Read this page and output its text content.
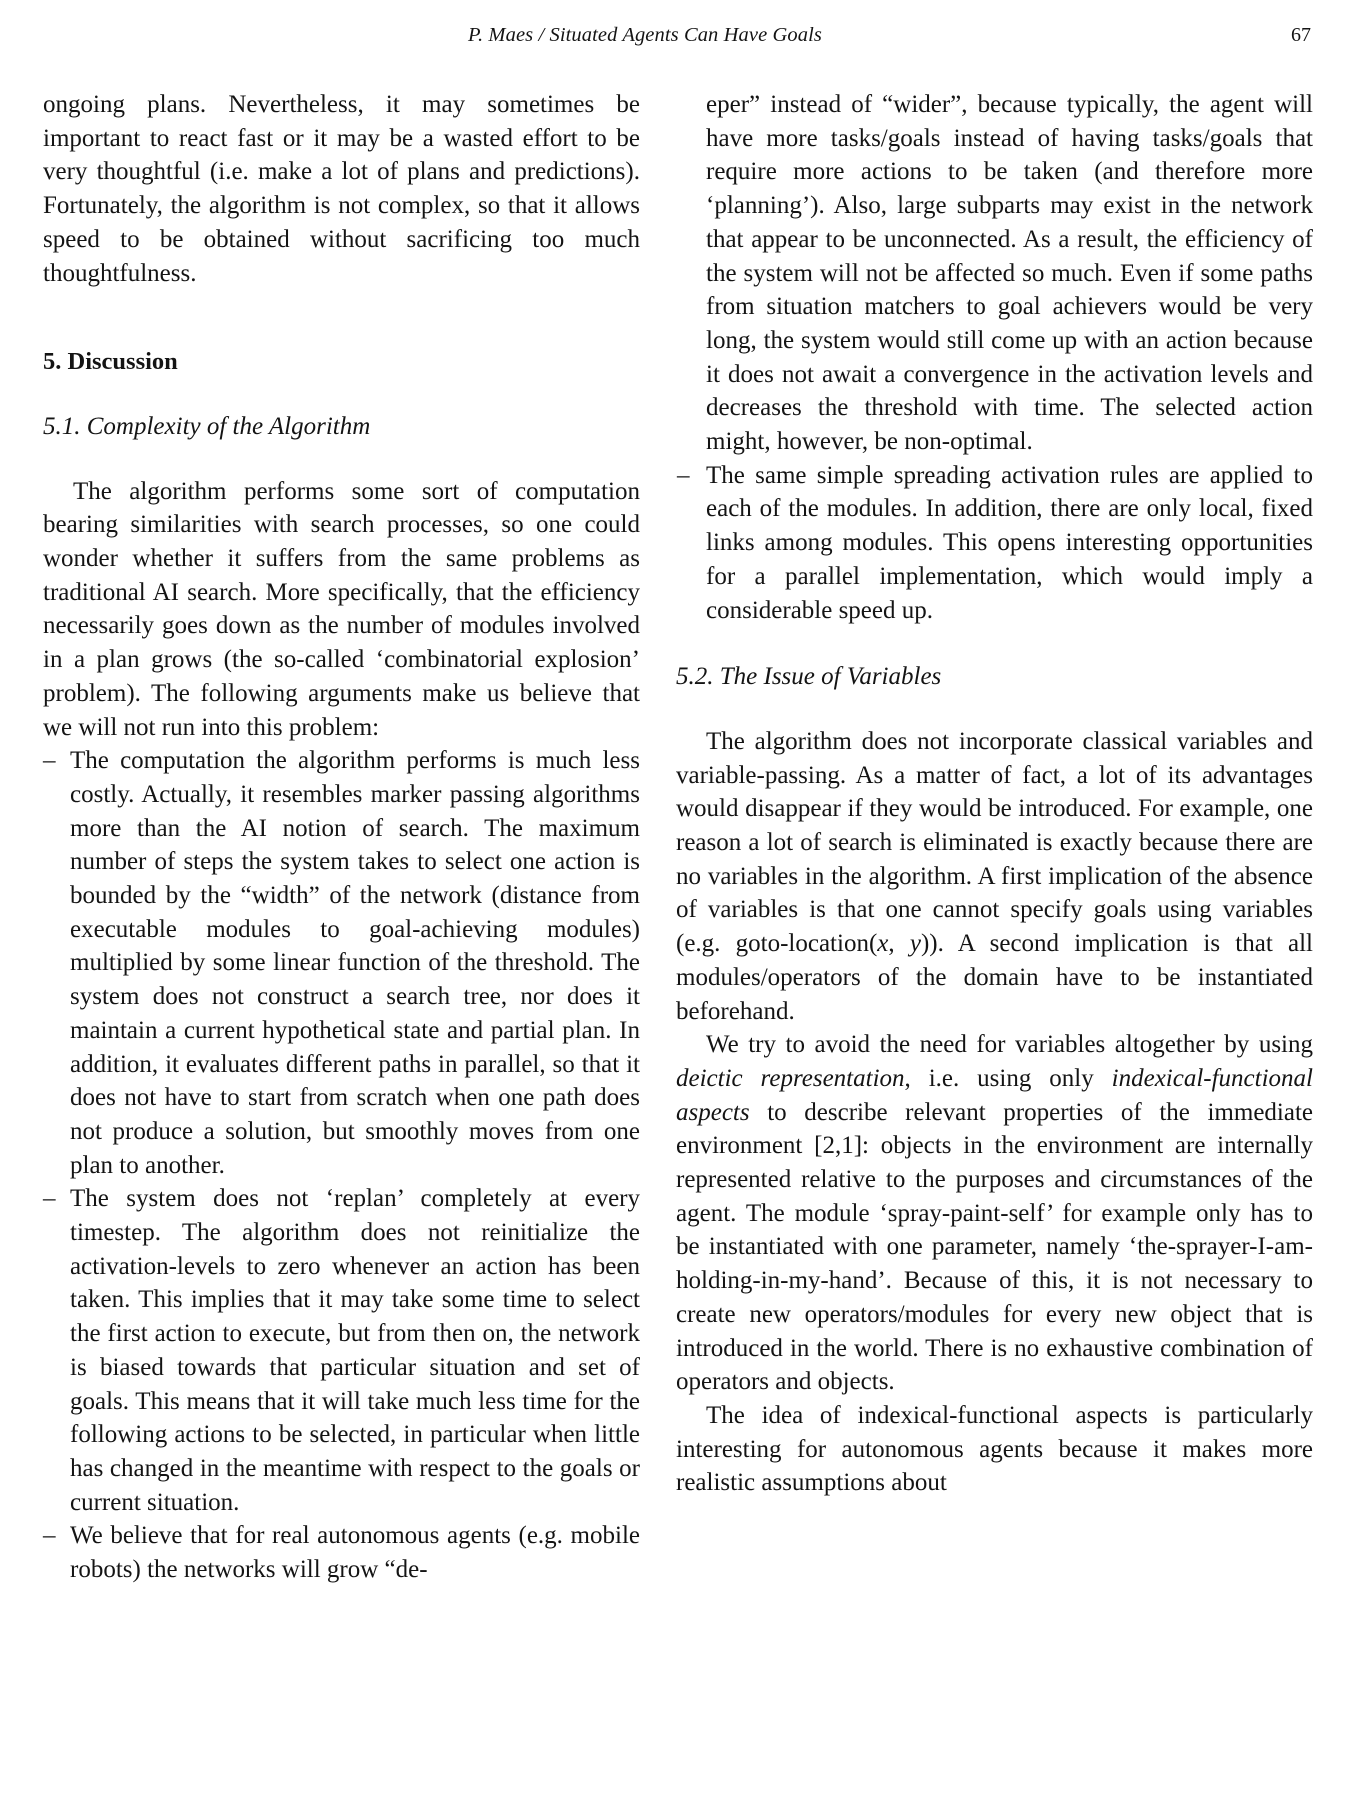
P. Maes / Situated Agents Can Have Goals	67

ongoing plans. Nevertheless, it may sometimes be important to react fast or it may be a wasted effort to be very thoughtful (i.e. make a lot of plans and predictions). Fortunately, the algorithm is not complex, so that it allows speed to be obtained without sacrificing too much thoughtfulness.

5. Discussion
5.1. Complexity of the Algorithm

The algorithm performs some sort of computation bearing similarities with search processes, so one could wonder whether it suffers from the same problems as traditional AI search. More specifically, that the efficiency necessarily goes down as the number of modules involved in a plan grows (the so-called ‘combinatorial explosion’ problem). The following arguments make us believe that we will not run into this problem:

– The computation the algorithm performs is much less costly. Actually, it resembles marker passing algorithms more than the AI notion of search. The maximum number of steps the system takes to select one action is bounded by the “width” of the network (distance from executable modules to goal-achieving modules) multiplied by some linear function of the threshold. The system does not construct a search tree, nor does it maintain a current hypothetical state and partial plan. In addition, it evaluates different paths in parallel, so that it does not have to start from scratch when one path does not produce a solution, but smoothly moves from one plan to another.
– The system does not ‘replan’ completely at every timestep. The algorithm does not reinitialize the activation-levels to zero whenever an action has been taken. This implies that it may take some time to select the first action to execute, but from then on, the network is biased towards that particular situation and set of goals. This means that it will take much less time for the following actions to be selected, in particular when little has changed in the meantime with respect to the goals or current situation.
– We believe that for real autonomous agents (e.g. mobile robots) the networks will grow “de-

eper” instead of “wider”, because typically, the agent will have more tasks/goals instead of having tasks/goals that require more actions to be taken (and therefore more ‘planning’). Also, large subparts may exist in the network that appear to be unconnected. As a result, the efficiency of the system will not be affected so much. Even if some paths from situation matchers to goal achievers would be very long, the system would still come up with an action because it does not await a convergence in the activation levels and decreases the threshold with time. The selected action might, however, be non-optimal.

– The same simple spreading activation rules are applied to each of the modules. In addition, there are only local, fixed links among modules. This opens interesting opportunities for a parallel implementation, which would imply a considerable speed up.
5.2. The Issue of Variables

The algorithm does not incorporate classical variables and variable-passing. As a matter of fact, a lot of its advantages would disappear if they would be introduced. For example, one reason a lot of search is eliminated is exactly because there are no variables in the algorithm. A first implication of the absence of variables is that one cannot specify goals using variables (e.g. goto-location(x, y)). A second implication is that all modules/operators of the domain have to be instantiated beforehand.

We try to avoid the need for variables altogether by using deictic representation, i.e. using only indexical-functional aspects to describe relevant properties of the immediate environment [2,1]: objects in the environment are internally represented relative to the purposes and circumstances of the agent. The module ‘spray-paint-self’ for example only has to be instantiated with one parameter, namely ‘the-sprayer-I-am-holding-in-my-hand’. Because of this, it is not necessary to create new operators/modules for every new object that is introduced in the world. There is no exhaustive combination of operators and objects.

The idea of indexical-functional aspects is particularly interesting for autonomous agents because it makes more realistic assumptions about
